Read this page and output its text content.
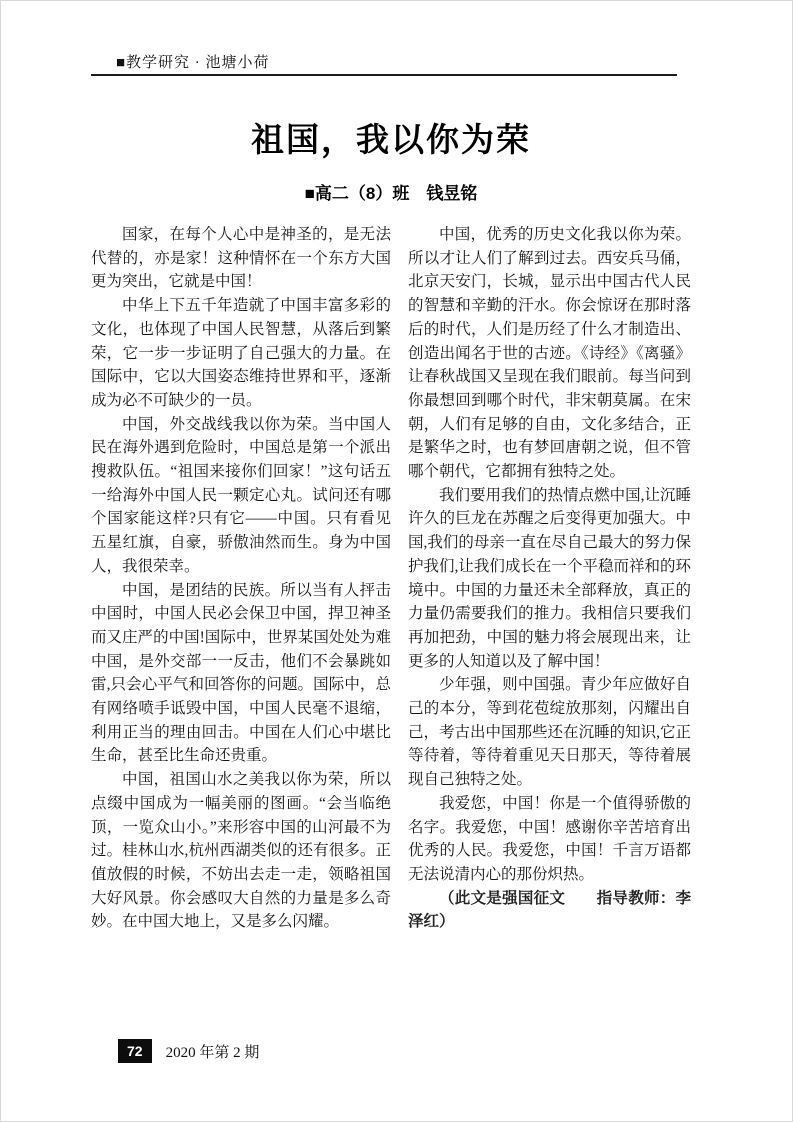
■教学研究 · 池塘小荷
祖国，我以你为荣
■高二（8）班　钱昱铭

国家，在每个人心中是神圣的，是无法代替的，亦是家！这种情怀在一个东方大国更为突出，它就是中国！

中华上下五千年造就了中国丰富多彩的文化，也体现了中国人民智慧，从落后到繁荣，它一步一步证明了自己强大的力量。在国际中，它以大国姿态维持世界和平，逐渐成为必不可缺少的一员。

中国，外交战线我以你为荣。当中国人民在海外遇到危险时，中国总是第一个派出搜救队伍。“祖国来接你们回家！”这句话五一给海外中国人民一颗定心丸。试问还有哪个国家能这样?只有它——中国。只有看见五星红旗，自豪，骄傲油然而生。身为中国人，我很荣幸。

中国，是团结的民族。所以当有人抨击中国时，中国人民必会保卫中国，捍卫神圣而又庄严的中国!国际中，世界某国处处为难中国，是外交部一一反击，他们不会暴跳如雷,只会心平气和回答你的问题。国际中，总有网络喷手诋毁中国，中国人民毫不退缩，利用正当的理由回击。中国在人们心中堪比生命，甚至比生命还贵重。

中国，祖国山水之美我以你为荣，所以点缀中国成为一幅美丽的图画。“会当临绝顶，一览众山小。”来形容中国的山河最不为过。桂林山水,杭州西湖类似的还有很多。正值放假的时候，不妨出去走一走，领略祖国大好风景。你会感叹大自然的力量是多么奇妙。在中国大地上，又是多么闪耀。

中国，优秀的历史文化我以你为荣。所以才让人们了解到过去。西安兵马俑，北京天安门，长城，显示出中国古代人民的智慧和辛勤的汗水。你会惊讶在那时落后的时代，人们是历经了什么才制造出、创造出闻名于世的古迹。《诗经》《离骚》让春秋战国又呈现在我们眼前。每当问到你最想回到哪个时代，非宋朝莫属。在宋朝，人们有足够的自由，文化多结合，正是繁华之时，也有梦回唐朝之说，但不管哪个朝代，它都拥有独特之处。

我们要用我们的热情点燃中国,让沉睡许久的巨龙在苏醒之后变得更加强大。中国,我们的母亲一直在尽自己最大的努力保护我们,让我们成长在一个平稳而祥和的环境中。中国的力量还未全部释放，真正的力量仍需要我们的推力。我相信只要我们再加把劲，中国的魅力将会展现出来，让更多的人知道以及了解中国！

少年强，则中国强。青少年应做好自己的本分，等到花苞绽放那刻，闪耀出自己，考古出中国那些还在沉睡的知识,它正等待着，等待着重见天日那天，等待着展现自己独特之处。

我爱您，中国！你是一个值得骄傲的名字。我爱您，中国！感谢你辛苦培育出优秀的人民。我爱您，中国！千言万语都无法说清内心的那份炽热。

（此文是强国征文　　指导教师：李泽红）

72	2020 年第 2 期
